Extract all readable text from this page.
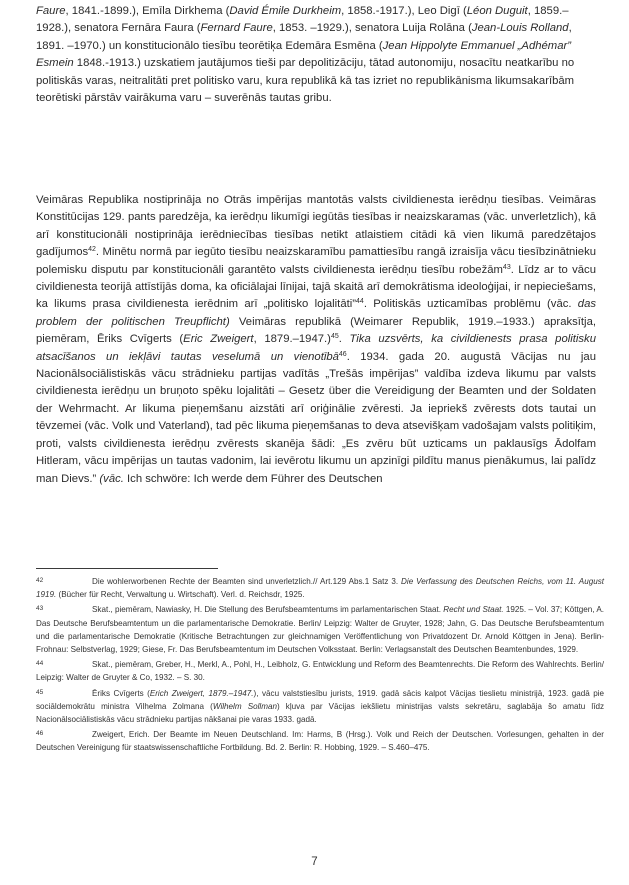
Faure, 1841.-1899.), Emīla Dirkhema (David Émile Durkheim, 1858.-1917.), Leo Digī (Léon Duguit, 1859.–1928.), senatora Fernāra Faura (Fernard Faure, 1853. –1929.), senatora Luija Rolāna (Jean-Louis Rolland, 1891. –1970.) un konstitucionālo tiesību teorētiķa Edemāra Esmēna (Jean Hippolyte Emmanuel „Adhémar” Esmein 1848.-1913.) uzskatiem jautājumos tieši par depolitizāciju, tātad autonomiju, nosacītu neatkarību no politiskās varas, neitralitāti pret politisko varu, kura republikā kā tas izriet no republikānisma likumsakarībām teorētiski pārstāv vairākuma varu – suverēnās tautas gribu.

Veimāras Republika nostiprināja no Otrās impērijas mantotās valsts civildienesta ierēdņu tiesības. Veimāras Konstitūcijas 129. pants paredzēja, ka ierēdņu likumīgi iegūtās tiesības ir neaizskaramas (vāc. unverletzlich), kā arī konstitucionāli nostiprināja ierēdniecības tiesības netikt atlaistiem citādi kā vien likumā paredzētajos gadījumos$^{42}$. Minētu normā par iegūto tiesību neaizskaramību pamattiesību rangā izraisīja vācu tiesībzinātnieku polemisku disputu par konstitucionāli garantēto valsts civildienesta ierēdņu tiesību robežām$^{43}$. Līdz ar to vācu civildienesta teorijā attīstījās doma, ka oficiālajai līnijai, tajā skaitā arī demokrātisma ideoloģijai, ir nepieciešams, ka likums prasa civildienesta ierēdnim arī „politisko lojalitāti”$^{44}$. Politiskās uzticamības problēmu (vāc. das problem der politischen Treupflicht) Veimāras republikā (Weimarer Republik, 1919.–1933.) apraksītja, piemēram, Ēriks Cvīgerts (Eric Zweigert, 1879.–1947.)$^{45}$. Tika uzsvērts, ka civildienests prasa politisku atsacīšanos un iekļāvi tautas veselumā un vienotībā$^{46}$. 1934. gada 20. augustā Vācijas nu jau Nacionālsociālistiskās vācu strādnieku partijas vadītās „Trešās impērijas” valdība izdeva likumu par valsts civildienesta ierēdņu un bruņoto spēku lojalitāti – Gesetz über die Vereidigung der Beamten und der Soldaten der Wehrmacht. Ar likuma pieņemšanu aizstāti arī oriģinālie zvēresti. Ja iepriekš zvērests dots tautai un tēvzemei (vāc. Volk und Vaterland), tad pēc likuma pieņemšanas to deva atsevišķam vadošajam valsts politiķim, proti, valsts civildienesta ierēdņu zvērests skanēja šādi: „Es zvēru būt uzticams un paklausīgs Ādolfam Hitleram, vācu impērijas un tautas vadonim, lai ievērotu likumu un apzinīgi pildītu manus pienākumus, lai palīdz man Dievs.” (vāc. Ich schwöre: Ich werde dem Führer des Deutschen

42	Die wohlerworbenen Rechte der Beamten sind unverletzlich.// Art.129 Abs.1 Satz 3. Die Verfassung des Deutschen Reichs, vom 11. August 1919. (Bücher für Recht, Verwaltung u. Wirtschaft). Verl. d. Reichsdr, 1925.

43	Skat., piemēram, Nawiasky, H. Die Stellung des Berufsbeamtentums im parlamentarischen Staat. Recht und Staat. 1925. – Vol. 37; Köttgen, A. Das Deutsche Berufsbeamtentum un die parlamentarische Demokratie. Berlin/ Leipzig: Walter de Gruyter, 1928; Jahn, G. Das Deutsche Berufsbeamtentum und die parlamentarische Demokratie (Kritische Betrachtungen zur gleichnamigen Veröffentlichung von Privatdozent Dr. Arnold Köttgen in Jena). Berlin-Frohnau: Selbstverlag, 1929; Giese, Fr. Das Berufsbeamtentum im Deutschen Volksstaat. Berlin: Verlagsanstalt des Deutschen Beamtenbundes, 1929.

44	Skat., piemēram, Greber, H., Merkl, A., Pohl, H., Leibholz, G. Entwicklung und Reform des Beamtenrechts. Die Reform des Wahlrechts. Berlin/ Leipzig: Walter de Gruyter & Co, 1932. – S. 30.

45	Ēriks Cvīgerts (Erich Zweigert, 1879.–1947.), vācu valststiesību jurists, 1919. gadā sācis kalpot Vācijas tieslietu ministrijā, 1923. gadā pie sociāldemokrātu ministra Vilhelma Zolmana (Wilhelm Sollman) kļuva par Vācijas iekšlietu ministrijas valsts sekretāru, saglabāja šo amatu līdz Nacionālsociālistiskās vācu strādnieku partijas nākšanai pie varas 1933. gadā.

46	Zweigert, Erich. Der Beamte im Neuen Deutschland. Im: Harms, B (Hrsg.). Volk und Reich der Deutschen. Vorlesungen, gehalten in der Deutschen Vereinigung für staatswissenschaftliche Fortbildung. Bd. 2. Berlin: R. Hobbing, 1929. – S.460–475.

7
